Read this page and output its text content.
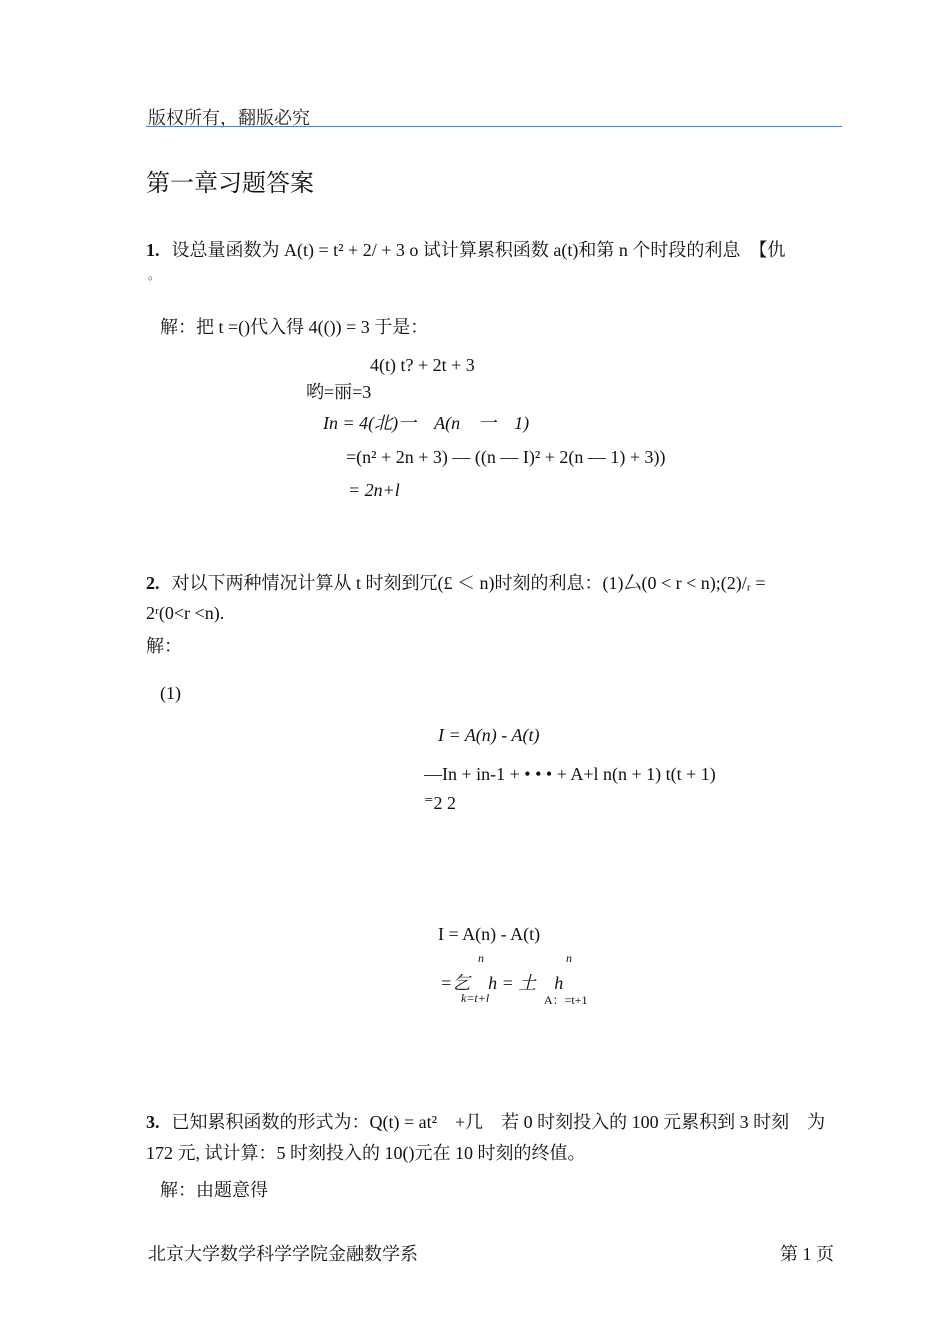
版权所有，翻版必究
第一章习题答案
1. 设总量函数为 A(t) = t² + 2/ + 3 o 试计算累积函数 a(t)和第 n 个时段的利息　【仇
。
解：把 t =()代入得 4(()) = 3 于是：
4(t) t? + 2t + 3
哟=丽=3
In = 4(北)一　A(n　一　1)
=(n² + 2n + 3) — ((n — I)² + 2(n — 1) + 3))
= 2n+l
2. 对以下两种情况计算从 t 时刻到冗(£ ＜ n)时刻的利息：(1)厶(0 < r < n);(2)/ᵣ =
2ʳ(0<r <n).
解：
(1)
I = A(n) - A(t)
—In + in-1 + • • • + A+l n(n + 1) t(t + 1)
⁼2 2
I = A(n) - A(t)
n	n
=乞　h = 土　h
k=t+l	A：=t+1
3. 已知累积函数的形式为：Q(t) = at²　+几　若 0 时刻投入的 100 元累积到 3 时刻　为
172 元, 试计算：5 时刻投入的 10()元在 10 时刻的终值。
解：由题意得
北京大学数学科学学院金融数学系	第 1 页
